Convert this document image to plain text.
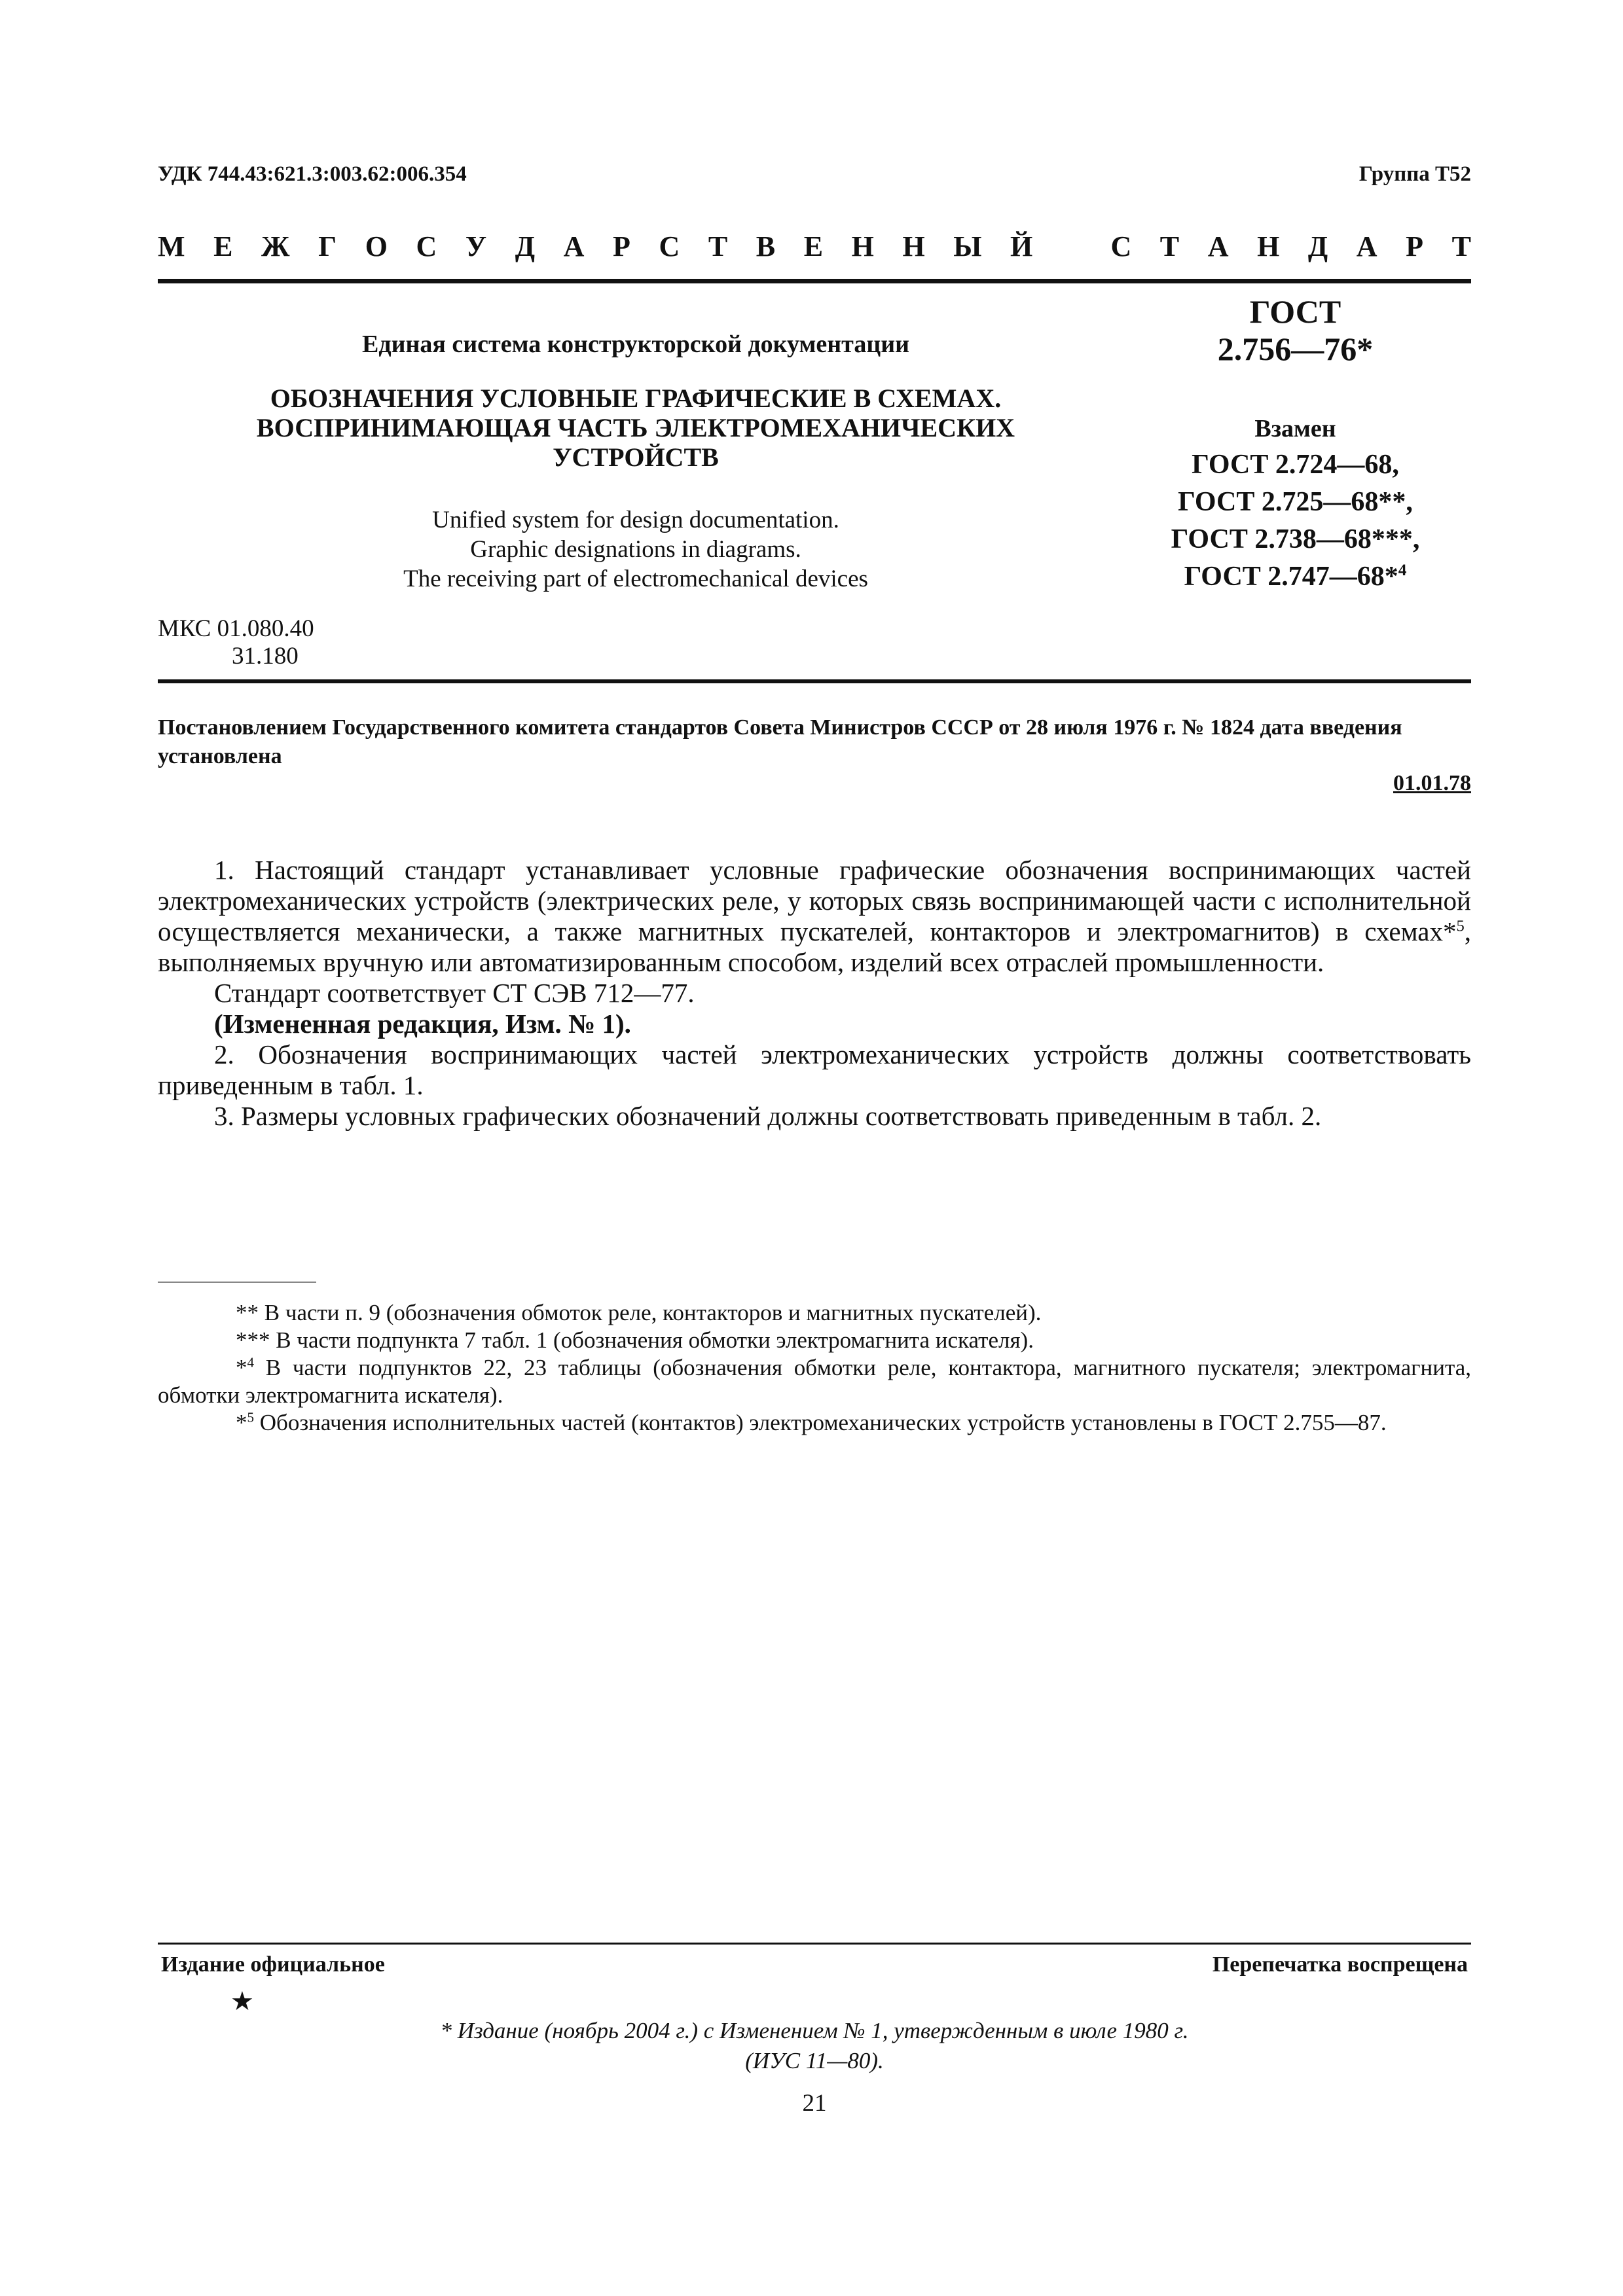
УДК 744.43:621.3:003.62:006.354	Группа Т52
М Е Ж Г О С У Д А Р С Т В Е Н Н Ы Й	С Т А Н Д А Р Т
Единая система конструкторской документации
ОБОЗНАЧЕНИЯ УСЛОВНЫЕ ГРАФИЧЕСКИЕ В СХЕМАХ.
ВОСПРИНИМАЮЩАЯ ЧАСТЬ ЭЛЕКТРОМЕХАНИЧЕСКИХ
УСТРОЙСТВ
Unified system for design documentation.
Graphic designations in diagrams.
The receiving part of electromechanical devices
МКС 01.080.40
31.180
ГОСТ
2.756—76*
Взамен
ГОСТ 2.724—68,
ГОСТ 2.725—68**,
ГОСТ 2.738—68***,
ГОСТ 2.747—68*$^4$
Постановлением Государственного комитета стандартов Совета Министров СССР от 28 июля 1976 г. № 1824 дата введения установлена
01.01.78

1. Настоящий стандарт устанавливает условные графические обозначения воспринимающих частей электромеханических устройств (электрических реле, у которых связь воспринимающей части с исполнительной осуществляется механически, а также магнитных пускателей, контакторов и электромагнитов) в схемах*$^5$, выполняемых вручную или автоматизированным способом, изделий всех отраслей промышленности.

Стандарт соответствует СТ СЭВ 712—77.

(Измененная редакция, Изм. № 1).

2. Обозначения воспринимающих частей электромеханических устройств должны соответствовать приведенным в табл. 1.

3. Размеры условных графических обозначений должны соответствовать приведенным в табл. 2.

** В части п. 9 (обозначения обмоток реле, контакторов и магнитных пускателей).

*** В части подпункта 7 табл. 1 (обозначения обмотки электромагнита искателя).

*$^4$ В части подпунктов 22, 23 таблицы (обозначения обмотки реле, контактора, магнитного пускателя; электромагнита, обмотки электромагнита искателя).

*$^5$ Обозначения исполнительных частей (контактов) электромеханических устройств установлены в ГОСТ 2.755—87.

Издание официальное	Перепечатка воспрещена
★
* Издание (ноябрь 2004 г.) с Изменением № 1, утвержденным в июле 1980 г.
(ИУС 11—80).
21
